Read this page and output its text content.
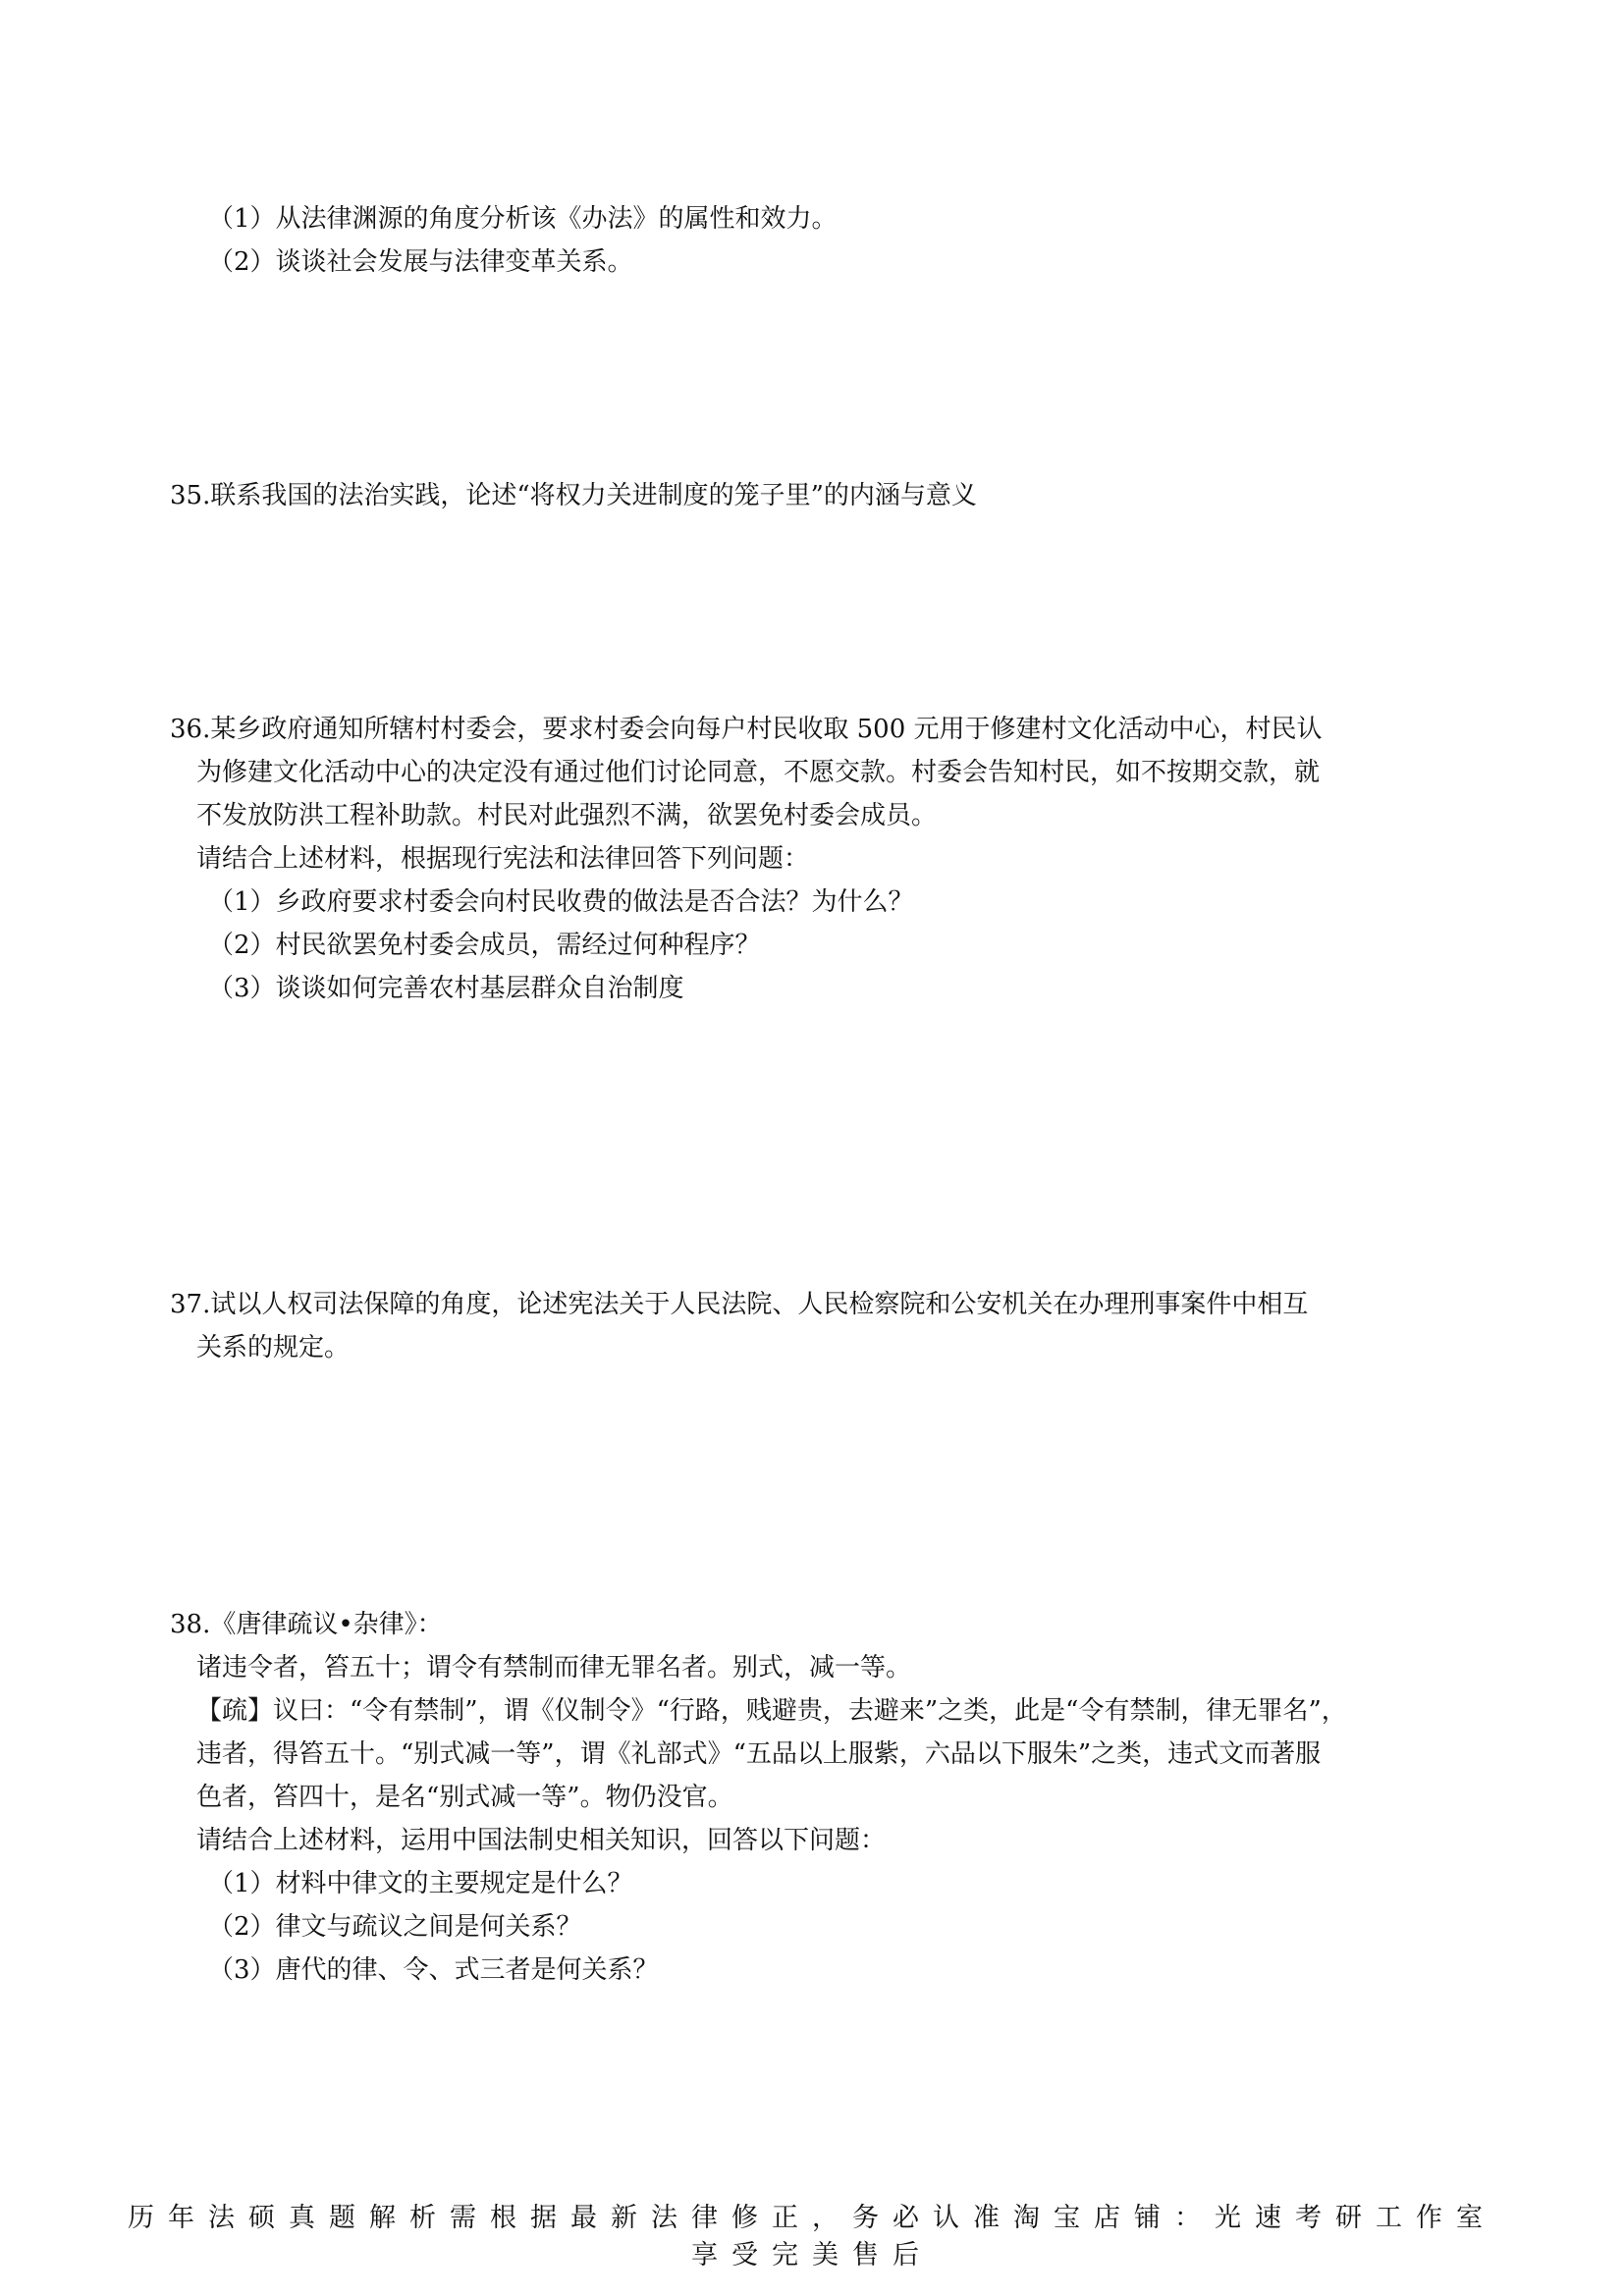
（1）从法律渊源的角度分析该《办法》的属性和效力。
（2）谈谈社会发展与法律变革关系。
35.联系我国的法治实践，论述“将权力关进制度的笼子里”的内涵与意义
36.某乡政府通知所辖村村委会，要求村委会向每户村民收取 500 元用于修建村文化活动中心，村民认
为修建文化活动中心的决定没有通过他们讨论同意，不愿交款。村委会告知村民，如不按期交款，就
不发放防洪工程补助款。村民对此强烈不满，欲罢免村委会成员。
请结合上述材料，根据现行宪法和法律回答下列问题：
（1）乡政府要求村委会向村民收费的做法是否合法？为什么？
（2）村民欲罢免村委会成员，需经过何种程序？
（3）谈谈如何完善农村基层群众自治制度
37.试以人权司法保障的角度，论述宪法关于人民法院、人民检察院和公安机关在办理刑事案件中相互
关系的规定。
38.《唐律疏议•杂律》：
诸违令者，笞五十；谓令有禁制而律无罪名者。别式，减一等。
【疏】议曰：“令有禁制”，谓《仪制令》“行路，贱避贵，去避来”之类，此是“令有禁制，律无罪名”，
违者，得笞五十。“别式减一等”，谓《礼部式》“五品以上服紫，六品以下服朱”之类，违式文而著服
色者，笞四十，是名“别式减一等”。物仍没官。
请结合上述材料，运用中国法制史相关知识，回答以下问题：
（1）材料中律文的主要规定是什么？
（2）律文与疏议之间是何关系？
（3）唐代的律、令、式三者是何关系？
历年法硕真题解析需根据最新法律修正，务必认准淘宝店铺：光速考研工作室
享受完美售后
